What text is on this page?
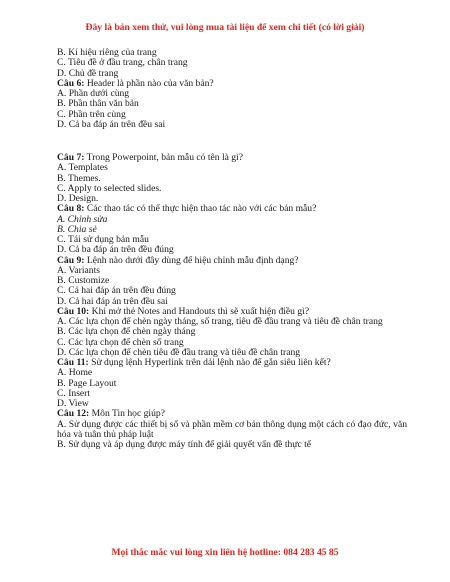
Đây là bản xem thử, vui lòng mua tài liệu để xem chi tiết (có lời giải)
B. Kí hiệu riêng của trang
C. Tiêu đề ở đầu trang, chân trang
D. Chủ đề trang
Câu 6: Header là phần nào của văn bản?
A. Phần dưới cùng
B. Phần thân văn bản
C. Phần trên cùng
D. Cả ba đáp án trên đều sai
Câu 7: Trong Powerpoint, bản mẫu có tên là gì?
A. Templates
B. Themes.
C. Apply to selected slides.
D. Design.
Câu 8: Các thao tác có thể thực hiện thao tác nào với các bản mẫu?
A. Chỉnh sửa
B. Chia sẻ
C. Tái sử dụng bản mẫu
D. Cả ba đáp án trên đều đúng
Câu 9: Lệnh nào dưới đây dùng để hiệu chỉnh mẫu định dạng?
A. Variants
B. Customize
C. Cả hai đáp án trên đều đúng
D. Cả hai đáp án trên đều sai
Câu 10: Khi mở thẻ Notes and Handouts thì sẽ xuất hiện điều gì?
A. Các lựa chọn để chèn ngày tháng, số trang, tiêu đề đầu trang và tiêu đề chân trang
B. Các lựa chọn để chèn ngày tháng
C. Các lựa chọn để chèn số trang
D. Các lựa chọn để chèn tiêu đề đầu trang và tiêu đề chân trang
Câu 11: Sử dụng lệnh Hyperlink trên dải lệnh nào để gắn siêu liên kết?
A. Home
B. Page Layout
C. Insert
D. View
Câu 12: Môn Tin học giúp?
A. Sử dụng được các thiết bị số và phần mềm cơ bản thông dụng một cách có đạo đức, văn hóa và tuân thủ pháp luật
B. Sử dụng và áp dụng được máy tính để giải quyết vấn đề thực tế
Mọi thắc mắc vui lòng xin liên hệ hotline: 084 283 45 85
